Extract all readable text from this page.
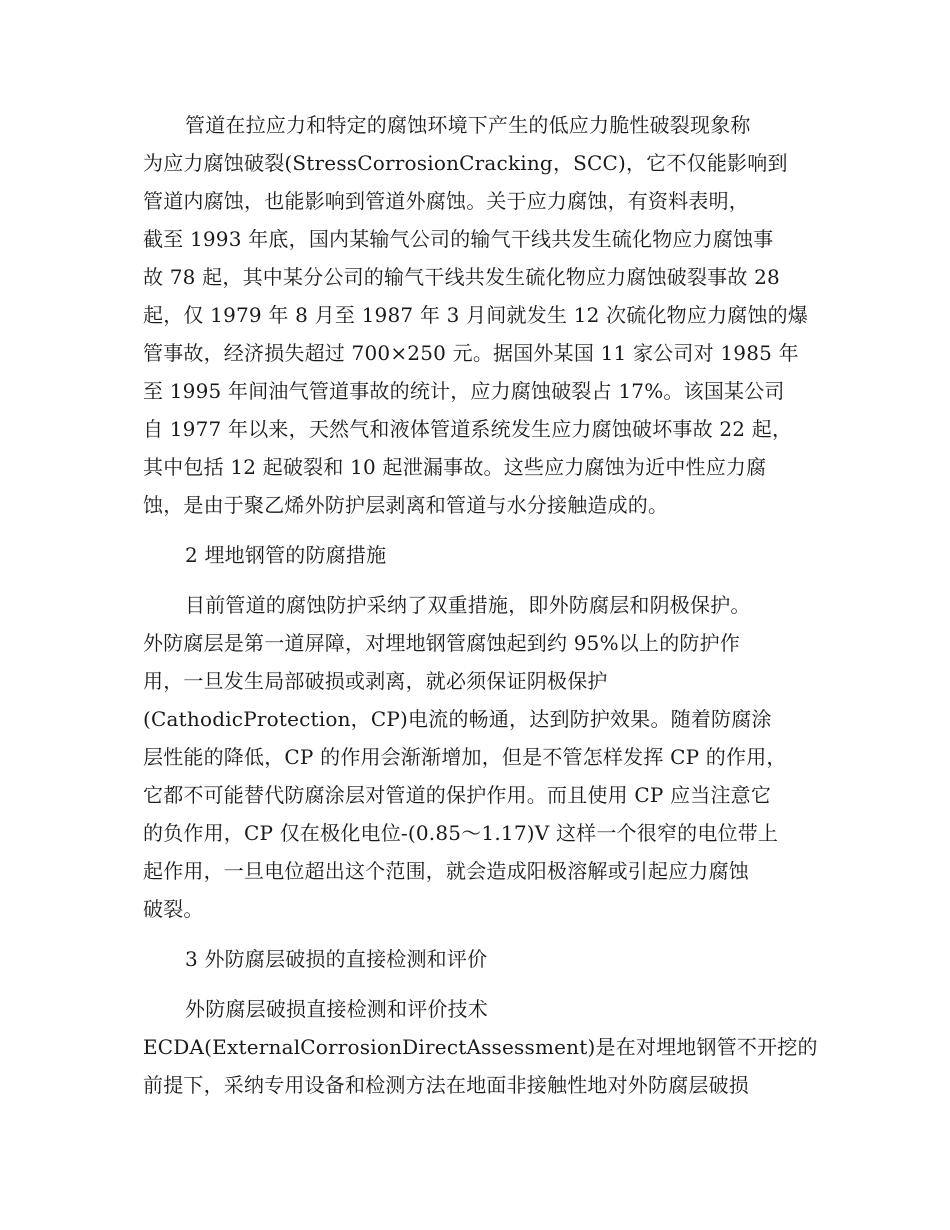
管道在拉应力和特定的腐蚀环境下产生的低应力脆性破裂现象称
为应力腐蚀破裂(StressCorrosionCracking，SCC)，它不仅能影响到
管道内腐蚀，也能影响到管道外腐蚀。关于应力腐蚀，有资料表明，
截至 1993 年底，国内某输气公司的输气干线共发生硫化物应力腐蚀事
故 78 起，其中某分公司的输气干线共发生硫化物应力腐蚀破裂事故 28
起，仅 1979 年 8 月至 1987 年 3 月间就发生 12 次硫化物应力腐蚀的爆
管事故，经济损失超过 700×250 元。据国外某国 11 家公司对 1985 年
至 1995 年间油气管道事故的统计，应力腐蚀破裂占 17%。该国某公司
自 1977 年以来，天然气和液体管道系统发生应力腐蚀破坏事故 22 起，
其中包括 12 起破裂和 10 起泄漏事故。这些应力腐蚀为近中性应力腐
蚀，是由于聚乙烯外防护层剥离和管道与水分接触造成的。
2 埋地钢管的防腐措施
目前管道的腐蚀防护采纳了双重措施，即外防腐层和阴极保护。
外防腐层是第一道屏障，对埋地钢管腐蚀起到约 95%以上的防护作
用，一旦发生局部破损或剥离，就必须保证阴极保护
(CathodicProtection，CP)电流的畅通，达到防护效果。随着防腐涂
层性能的降低，CP 的作用会渐渐增加，但是不管怎样发挥 CP 的作用，
它都不可能替代防腐涂层对管道的保护作用。而且使用 CP 应当注意它
的负作用，CP 仅在极化电位-(0.85～1.17)V 这样一个很窄的电位带上
起作用，一旦电位超出这个范围，就会造成阳极溶解或引起应力腐蚀
破裂。
3 外防腐层破损的直接检测和评价
外防腐层破损直接检测和评价技术
ECDA(ExternalCorrosionDirectAssessment)是在对埋地钢管不开挖的
前提下，采纳专用设备和检测方法在地面非接触性地对外防腐层破损
